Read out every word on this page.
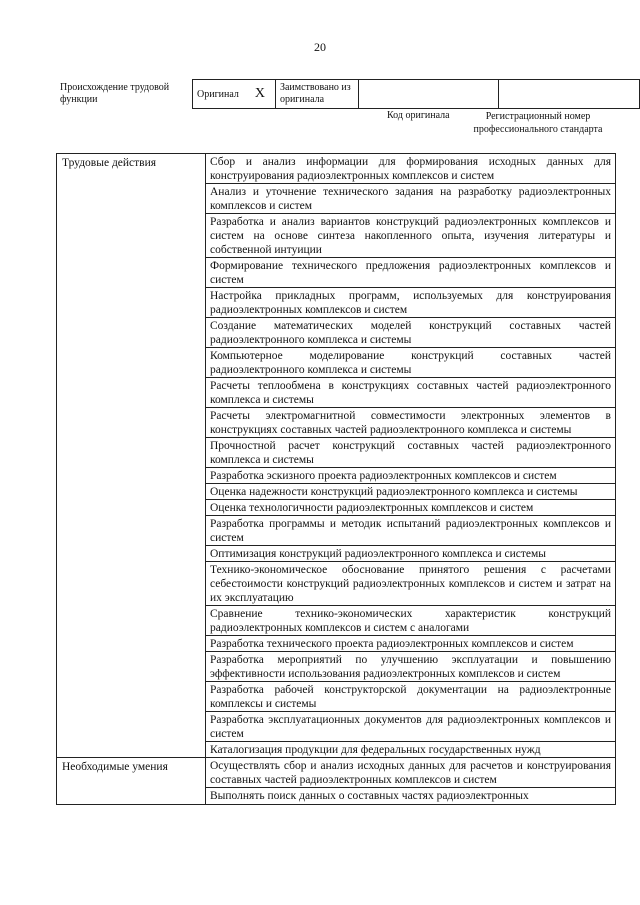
20
Происхождение трудовой функции	Оригинал X	Заимствовано из оригинала		
Код оригинала	Регистрационный номер профессионального стандарта
Трудовые действия	Сбор и анализ информации для формирования исходных данных для конструирования радиоэлектронных комплексов и систем

	Анализ и уточнение технического задания на разработку радиоэлектронных комплексов и систем

	Разработка и анализ вариантов конструкций радиоэлектронных комплексов и систем на основе синтеза накопленного опыта, изучения литературы и собственной интуиции

	Формирование технического предложения радиоэлектронных комплексов и систем

	Настройка прикладных программ, используемых для конструирования радиоэлектронных комплексов и систем

	Создание математических моделей конструкций составных частей радиоэлектронного комплекса и системы

	Компьютерное моделирование конструкций составных частей радиоэлектронного комплекса и системы

	Расчеты теплообмена в конструкциях составных частей радиоэлектронного комплекса и системы

	Расчеты электромагнитной совместимости электронных элементов в конструкциях составных частей радиоэлектронного комплекса и системы

	Прочностной расчет конструкций составных частей радиоэлектронного комплекса и системы

	Разработка эскизного проекта радиоэлектронных комплексов и систем

	Оценка надежности конструкций радиоэлектронного комплекса и системы

	Оценка технологичности радиоэлектронных комплексов и систем

	Разработка программы и методик испытаний радиоэлектронных комплексов и систем

	Оптимизация конструкций радиоэлектронного комплекса и системы

	Технико-экономическое обоснование принятого решения с расчетами себестоимости конструкций радиоэлектронных комплексов и систем и затрат на их эксплуатацию

	Сравнение технико-экономических характеристик конструкций радиоэлектронных комплексов и систем с аналогами

	Разработка технического проекта радиоэлектронных комплексов и систем

	Разработка мероприятий по улучшению эксплуатации и повышению эффективности использования радиоэлектронных комплексов и систем

	Разработка рабочей конструкторской документации на радиоэлектронные комплексы и системы

	Разработка эксплуатационных документов для радиоэлектронных комплексов и систем

	Каталогизация продукции для федеральных государственных нужд

Необходимые умения	Осуществлять сбор и анализ исходных данных для расчетов и конструирования составных частей радиоэлектронных комплексов и систем

	Выполнять поиск данных о составных частях радиоэлектронных
